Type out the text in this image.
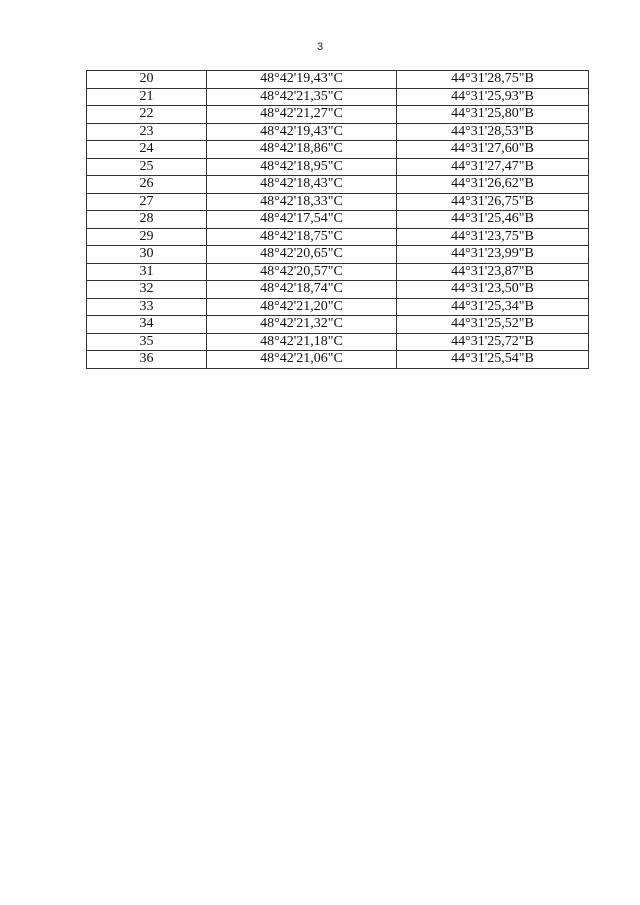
3
20	48°42'19,43"С	44°31'28,75"В
21	48°42'21,35"С	44°31'25,93"В
22	48°42'21,27"С	44°31'25,80"В
23	48°42'19,43"С	44°31'28,53"В
24	48°42'18,86"С	44°31'27,60"В
25	48°42'18,95"С	44°31'27,47"В
26	48°42'18,43"С	44°31'26,62"В
27	48°42'18,33"С	44°31'26,75"В
28	48°42'17,54"С	44°31'25,46"В
29	48°42'18,75"С	44°31'23,75"В
30	48°42'20,65"С	44°31'23,99"В
31	48°42'20,57"С	44°31'23,87"В
32	48°42'18,74"С	44°31'23,50"В
33	48°42'21,20"С	44°31'25,34"В
34	48°42'21,32"С	44°31'25,52"В
35	48°42'21,18"С	44°31'25,72"В
36	48°42'21,06"С	44°31'25,54"В
